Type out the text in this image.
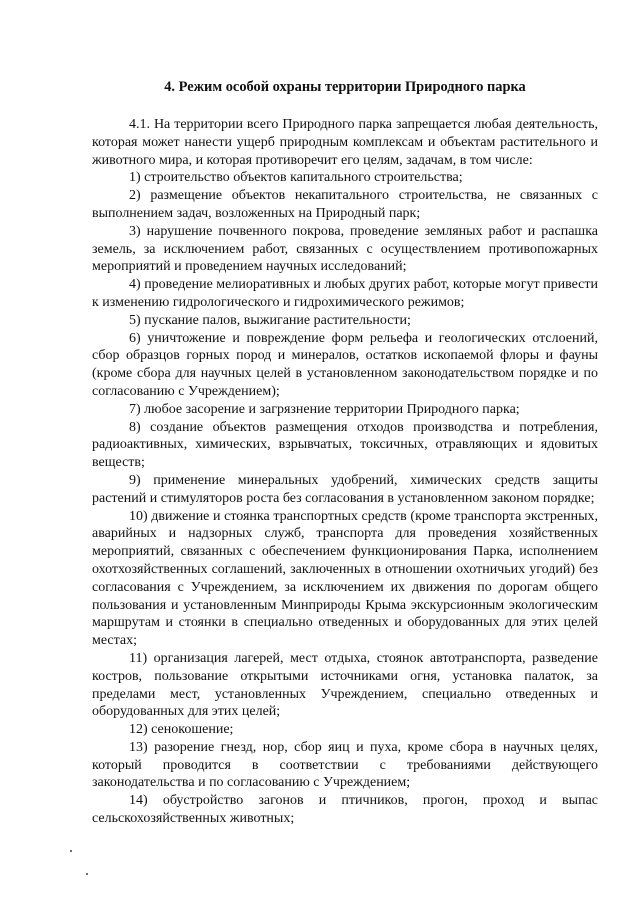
4. Режим особой охраны территории Природного парка

4.1. На территории всего Природного парка запрещается любая деятельность, которая может нанести ущерб природным комплексам и объектам растительного и животного мира, и которая противоречит его целям, задачам, в том числе:

1) строительство объектов капитального строительства;

2) размещение объектов некапитального строительства, не связанных с выполнением задач, возложенных на Природный парк;

3) нарушение почвенного покрова, проведение земляных работ и распашка земель, за исключением работ, связанных с осуществлением противопожарных мероприятий и проведением научных исследований;

4) проведение мелиоративных и любых других работ, которые могут привести к изменению гидрологического и гидрохимического режимов;

5) пускание палов, выжигание растительности;

6) уничтожение и повреждение форм рельефа и геологических отслоений, сбор образцов горных пород и минералов, остатков ископаемой флоры и фауны (кроме сбора для научных целей в установленном законодательством порядке и по согласованию с Учреждением);

7) любое засорение и загрязнение территории Природного парка;

8) создание объектов размещения отходов производства и потребления, радиоактивных, химических, взрывчатых, токсичных, отравляющих и ядовитых веществ;

9) применение минеральных удобрений, химических средств защиты растений и стимуляторов роста без согласования в установленном законом порядке;

10) движение и стоянка транспортных средств (кроме транспорта экстренных, аварийных и надзорных служб, транспорта для проведения хозяйственных мероприятий, связанных с обеспечением функционирования Парка, исполнением охотхозяйственных соглашений, заключенных в отношении охотничьих угодий) без согласования с Учреждением, за исключением их движения по дорогам общего пользования и установленным Минприроды Крыма экскурсионным экологическим маршрутам и стоянки в специально отведенных и оборудованных для этих целей местах;

11) организация лагерей, мест отдыха, стоянок автотранспорта, разведение костров, пользование открытыми источниками огня, установка палаток, за пределами мест, установленных Учреждением, специально отведенных и оборудованных для этих целей;

12) сенокошение;

13) разорение гнезд, нор, сбор яиц и пуха, кроме сбора в научных целях, который проводится в соответствии с требованиями действующего законодательства и по согласованию с Учреждением;

14) обустройство загонов и птичников, прогон, проход и выпас сельскохозяйственных животных;
